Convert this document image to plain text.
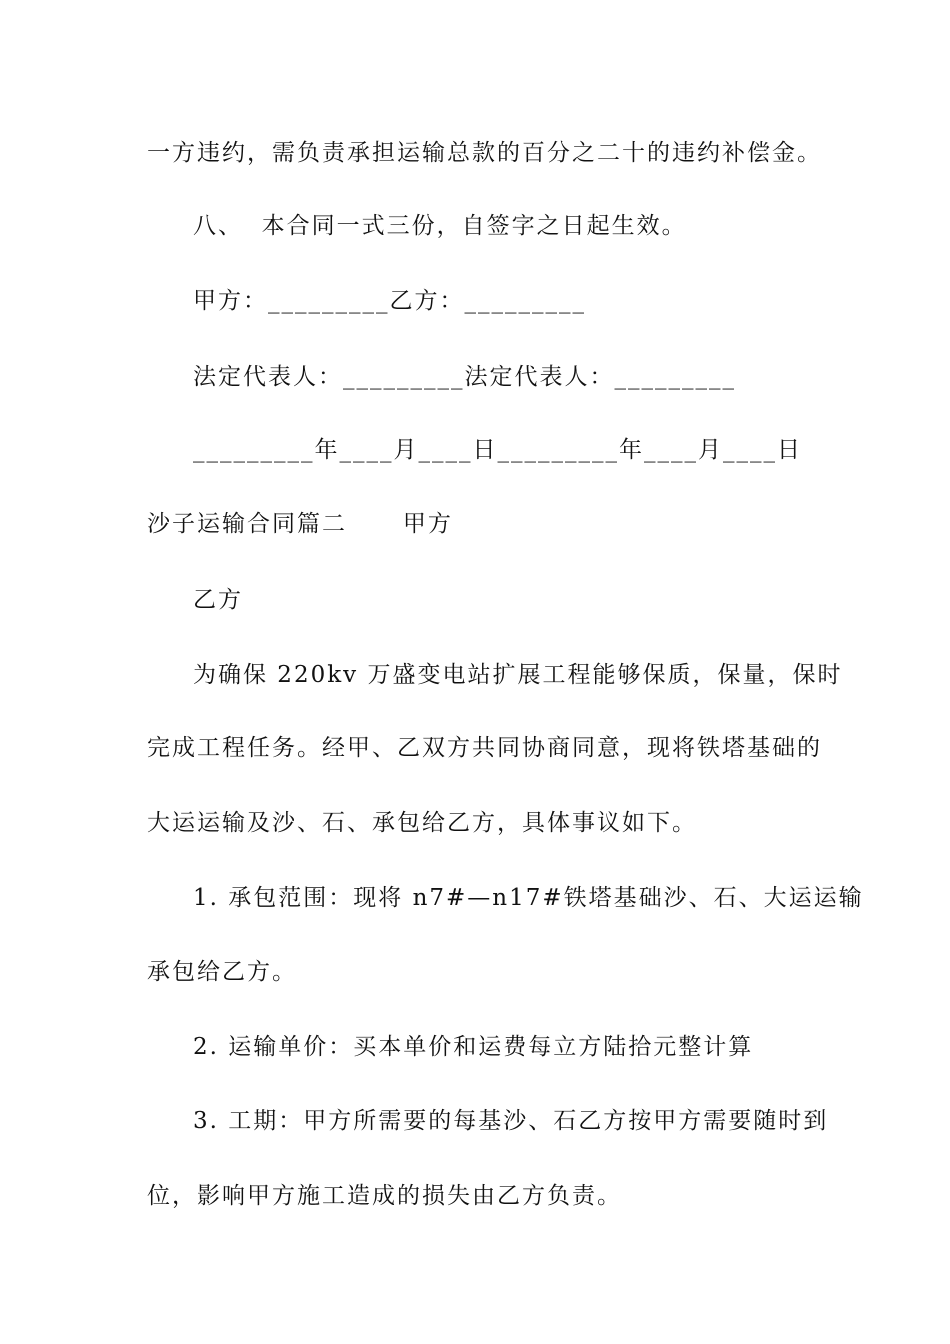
一方违约，需负责承担运输总款的百分之二十的违约补偿金。
八、  本合同一式三份，自签字之日起生效。
甲方：_________乙方：_________
法定代表人：_________法定代表人：_________
_________年____月____日_________年____月____日
沙子运输合同篇二      甲方
乙方
为确保 220kv 万盛变电站扩展工程能够保质，保量，保时
完成工程任务。经甲、乙双方共同协商同意，现将铁塔基础的
大运运输及沙、石、承包给乙方，具体事议如下。
1. 承包范围：现将 n7#—n17#铁塔基础沙、石、大运运输
承包给乙方。
2. 运输单价：买本单价和运费每立方陆拾元整计算
3. 工期：甲方所需要的每基沙、石乙方按甲方需要随时到
位，影响甲方施工造成的损失由乙方负责。
